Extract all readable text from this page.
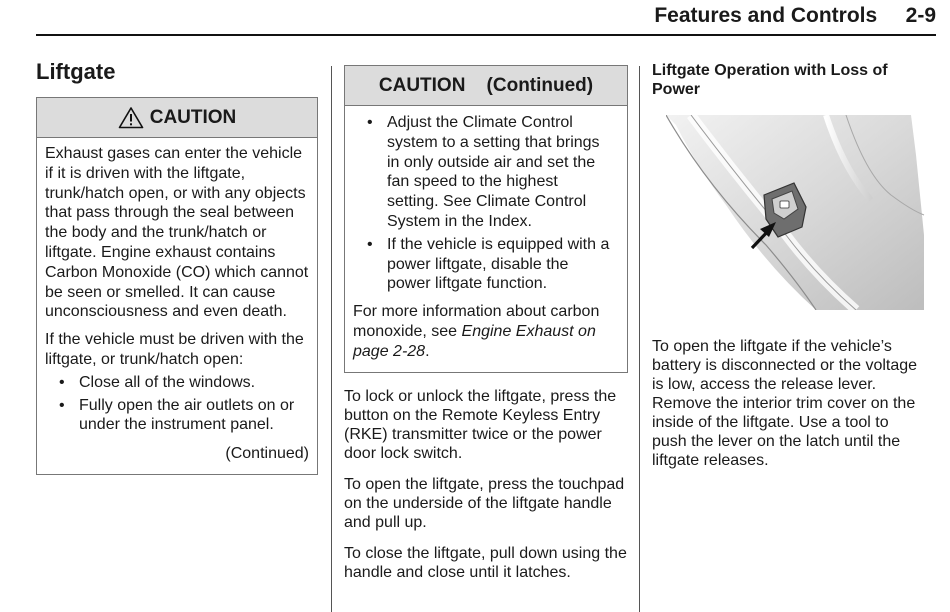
Features and Controls 2-9
Liftgate
CAUTION

Exhaust gases can enter the vehicle if it is driven with the liftgate, trunk/hatch open, or with any objects that pass through the seal between the body and the trunk/hatch or liftgate. Engine exhaust contains Carbon Monoxide (CO) which cannot be seen or smelled. It can cause unconsciousness and even death.

If the vehicle must be driven with the liftgate, or trunk/hatch open:

• Close all of the windows.
• Fully open the air outlets on or under the instrument panel.
(Continued)
CAUTION    (Continued)
• Adjust the Climate Control system to a setting that brings in only outside air and set the fan speed to the highest setting. See Climate Control System in the Index.
• If the vehicle is equipped with a power liftgate, disable the power liftgate function.

For more information about carbon monoxide, see Engine Exhaust on page 2-28.

To lock or unlock the liftgate, press the button on the Remote Keyless Entry (RKE) transmitter twice or the power door lock switch.

To open the liftgate, press the touchpad on the underside of the liftgate handle and pull up.

To close the liftgate, pull down using the handle and close until it latches.

Liftgate Operation with Loss of Power

To open the liftgate if the vehicle’s battery is disconnected or the voltage is low, access the release lever. Remove the interior trim cover on the inside of the liftgate. Use a tool to push the lever on the latch until the liftgate releases.
